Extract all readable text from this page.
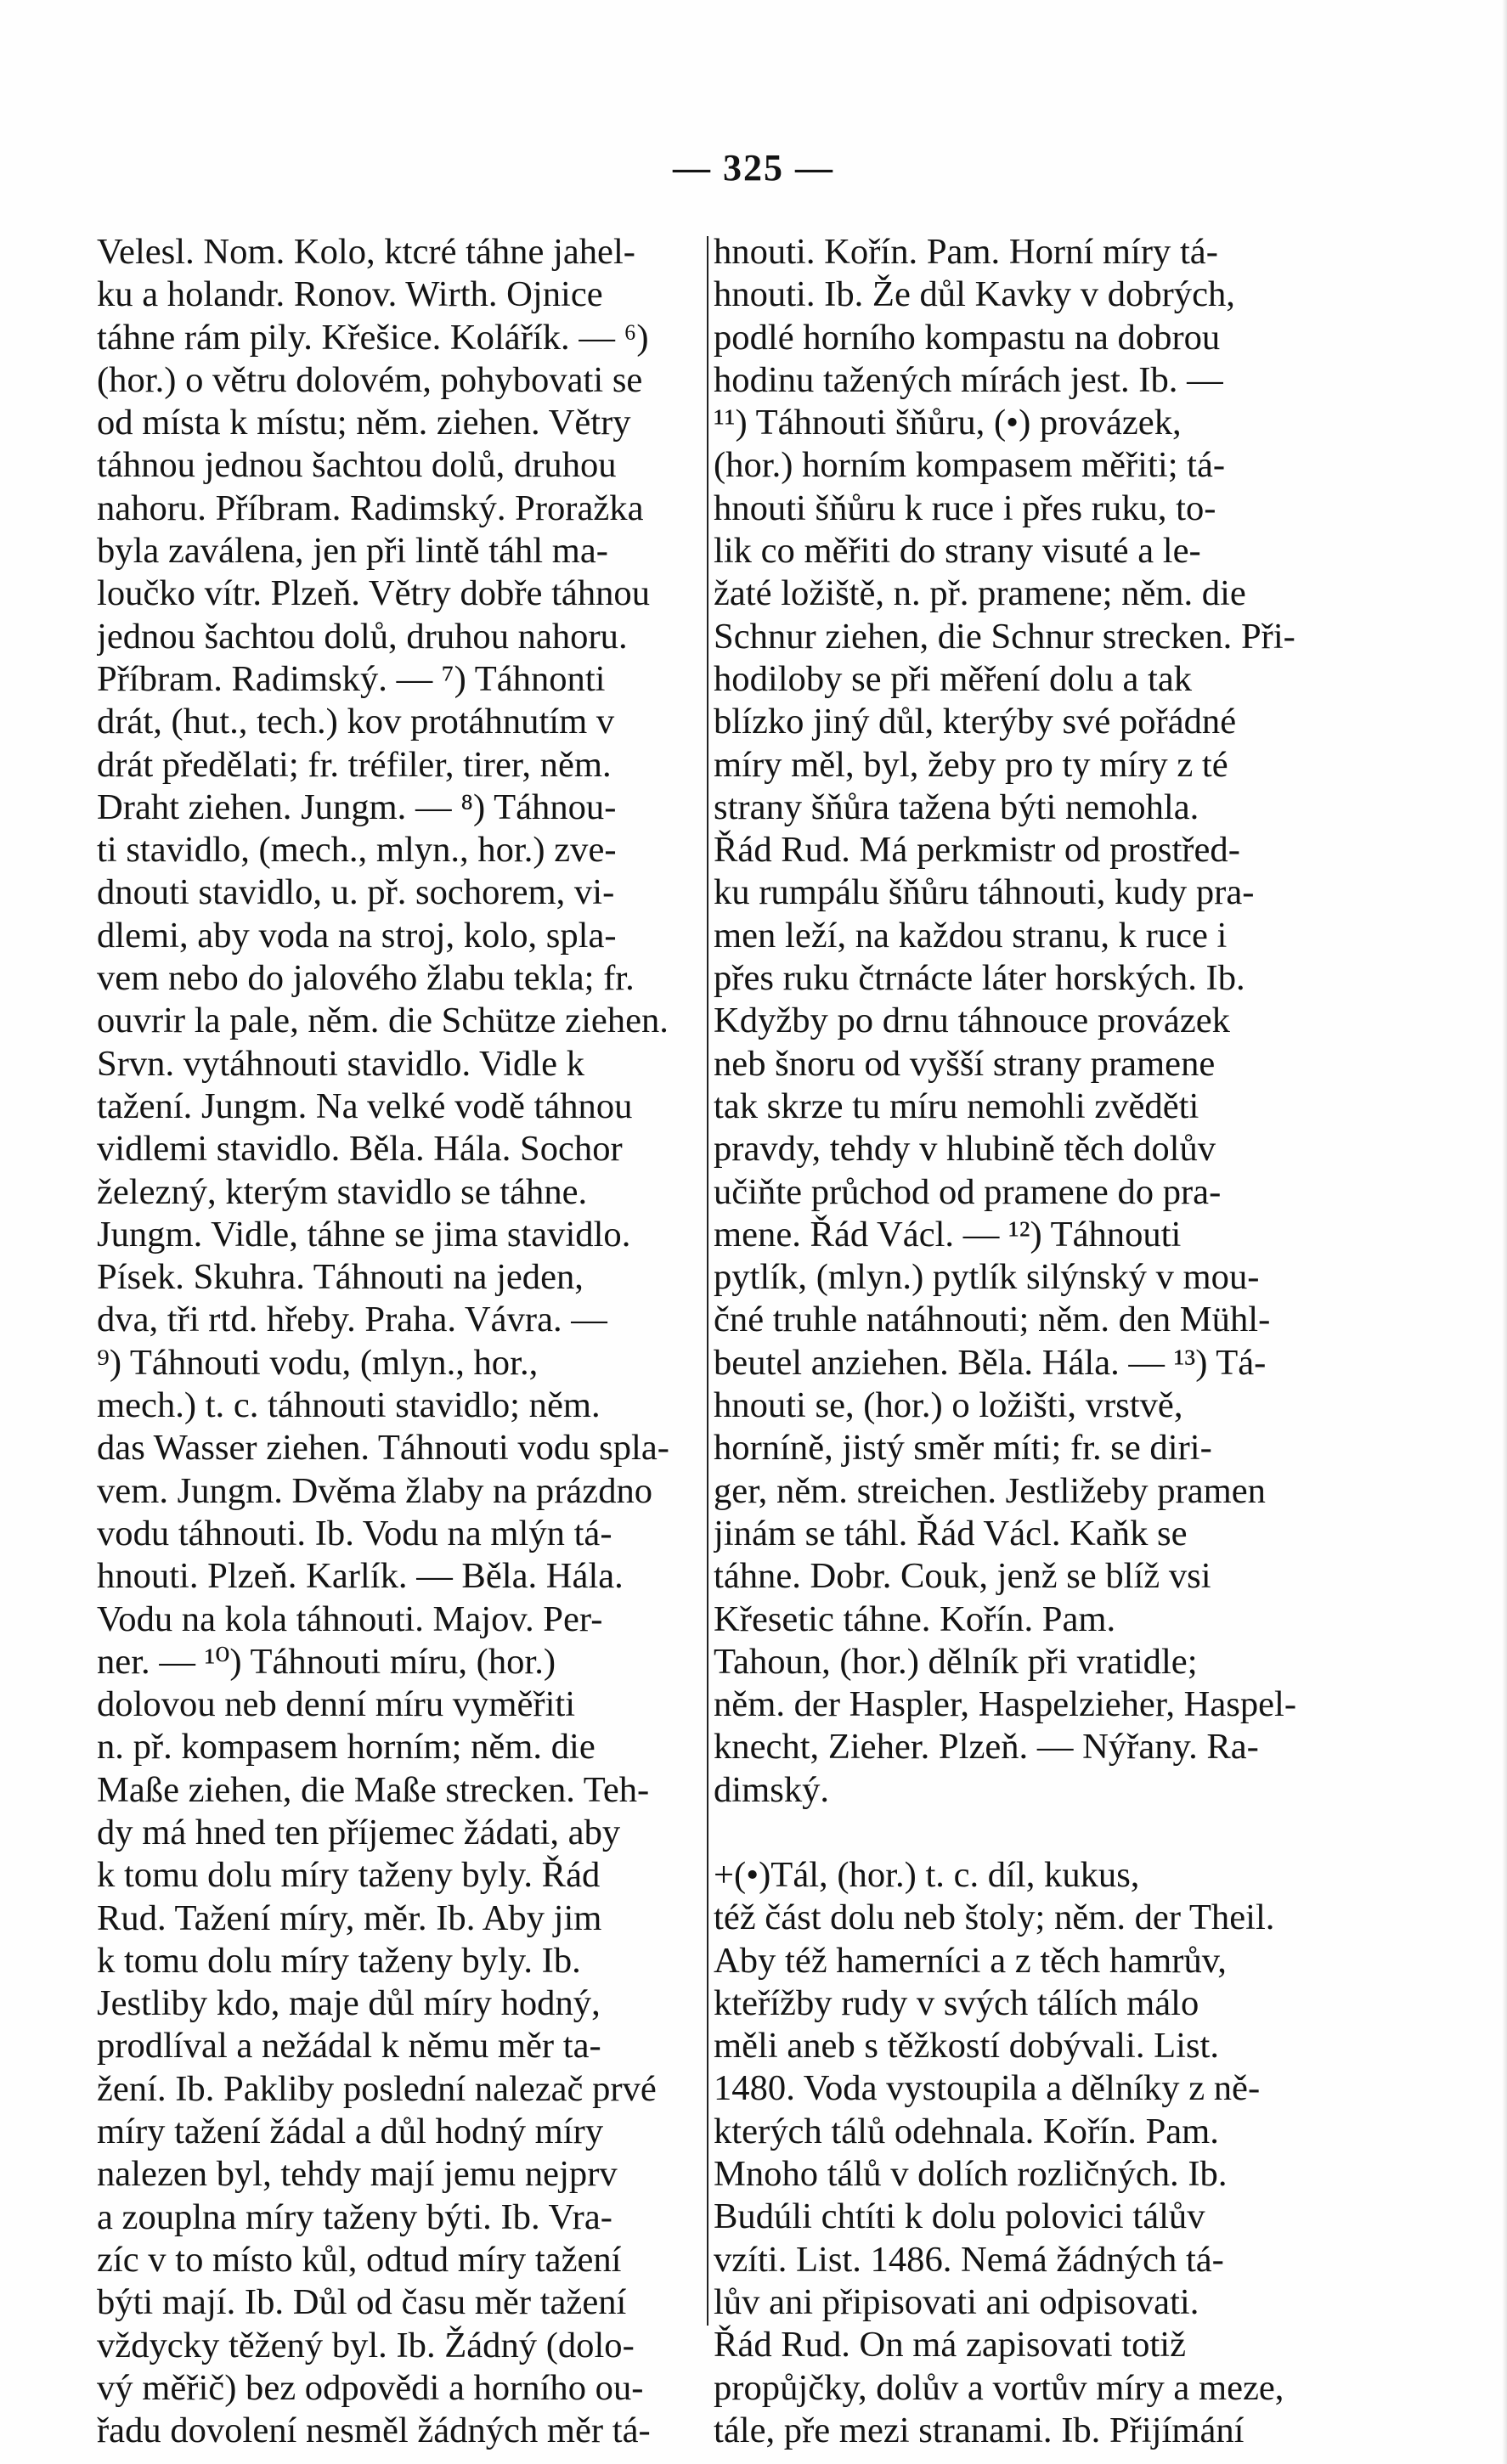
— 325 —
Velesl. Nom. Kolo, ktcré táhne jahel-
ku a holandr. Ronov. Wirth. Ojnice
táhne rám pily. Křešice. Kolářík. — ⁶)
(hor.) o větru dolovém, pohybovati se
od místa k místu; něm. ziehen. Větry
táhnou jednou šachtou dolů, druhou
nahoru. Příbram. Radimský. Proražka
byla zaválena, jen při lintě táhl ma-
loučko vítr. Plzeň. Větry dobře táhnou
jednou šachtou dolů, druhou nahoru.
Příbram. Radimský. — ⁷) Táhnonti
drát, (hut., tech.) kov protáhnutím v
drát předělati; fr. tréfiler, tirer, něm.
Draht ziehen. Jungm. — ⁸) Táhnou-
ti stavidlo, (mech., mlyn., hor.) zve-
dnouti stavidlo, u. př. sochorem, vi-
dlemi, aby voda na stroj, kolo, spla-
vem nebo do jalového žlabu tekla; fr.
ouvrir la pale, něm. die Schütze ziehen.
Srvn. vytáhnouti stavidlo. Vidle k
tažení. Jungm. Na velké vodě táhnou
vidlemi stavidlo. Běla. Hála. Sochor
železný, kterým stavidlo se táhne.
Jungm. Vidle, táhne se jima stavidlo.
Písek. Skuhra. Táhnouti na jeden,
dva, tři rtd. hřeby. Praha. Vávra. —
⁹) Táhnouti vodu, (mlyn., hor.,
mech.) t. c. táhnouti stavidlo; něm.
das Wasser ziehen. Táhnouti vodu spla-
vem. Jungm. Dvěma žlaby na prázdno
vodu táhnouti. Ib. Vodu na mlýn tá-
hnouti. Plzeň. Karlík. — Běla. Hála.
Vodu na kola táhnouti. Majov. Per-
ner. — ¹⁰) Táhnouti míru, (hor.)
dolovou neb denní míru vyměřiti
n. př. kompasem horním; něm. die
Maße ziehen, die Maße strecken. Teh-
dy má hned ten příjemec žádati, aby
k tomu dolu míry taženy byly. Řád
Rud. Tažení míry, měr. Ib. Aby jim
k tomu dolu míry taženy byly. Ib.
Jestliby kdo, maje důl míry hodný,
prodlíval a nežádal k němu měr ta-
žení. Ib. Pakliby poslední nalezač prvé
míry tažení žádal a důl hodný míry
nalezen byl, tehdy mají jemu nejprv
a zouplna míry taženy býti. Ib. Vra-
zíc v to místo kůl, odtud míry tažení
býti mají. Ib. Důl od času měr tažení
vždycky těžený byl. Ib. Žádný (dolo-
vý měřič) bez odpovědi a horního ou-
řadu dovolení nesměl žádných měr tá-
hnouti. Kořín. Pam. Horní míry tá-
hnouti. Ib. Že důl Kavky v dobrých,
podlé horního kompastu na dobrou
hodinu tažených mírách jest. Ib. —
¹¹) Táhnouti šňůru, (•) provázek,
(hor.) horním kompasem měřiti; tá-
hnouti šňůru k ruce i přes ruku, to-
lik co měřiti do strany visuté a le-
žaté ložiště, n. př. pramene; něm. die
Schnur ziehen, die Schnur strecken. Při-
hodiloby se při měření dolu a tak
blízko jiný důl, kterýby své pořádné
míry měl, byl, žeby pro ty míry z té
strany šňůra tažena býti nemohla.
Řád Rud. Má perkmistr od prostřed-
ku rumpálu šňůru táhnouti, kudy pra-
men leží, na každou stranu, k ruce i
přes ruku čtrnácte láter horských. Ib.
Kdyžby po drnu táhnouce provázek
neb šnoru od vyšší strany pramene
tak skrze tu míru nemohli zvěděti
pravdy, tehdy v hlubině těch dolův
učiňte průchod od pramene do pra-
mene. Řád Václ. — ¹²) Táhnouti
pytlík, (mlyn.) pytlík silýnský v mou-
čné truhle natáhnouti; něm. den Mühl-
beutel anziehen. Běla. Hála. — ¹³) Tá-
hnouti se, (hor.) o ložišti, vrstvě,
horníně, jistý směr míti; fr. se diri-
ger, něm. streichen. Jestližeby pramen
jinám se táhl. Řád Václ. Kaňk se
táhne. Dobr. Couk, jenž se blíž vsi
Křesetic táhne. Kořín. Pam.
Tahoun, (hor.) dělník při vratidle;
něm. der Haspler, Haspelzieher, Haspel-
knecht, Zieher. Plzeň. — Nýřany. Ra-
dimský.
+(•)Tál, (hor.) t. c. díl, kukus,
též část dolu neb štoly; něm. der Theil.
Aby též hamerníci a z těch hamrův,
kteřížby rudy v svých tálích málo
měli aneb s těžkostí dobývali. List.
1480. Voda vystoupila a dělníky z ně-
kterých tálů odehnala. Kořín. Pam.
Mnoho tálů v dolích rozličných. Ib.
Budúli chtíti k dolu polovici tálův
vzíti. List. 1486. Nemá žádných tá-
lův ani připisovati ani odpisovati.
Řád Rud. On má zapisovati totiž
propůjčky, dolův a vortův míry a meze,
tále, pře mezi stranami. Ib. Přijímání
